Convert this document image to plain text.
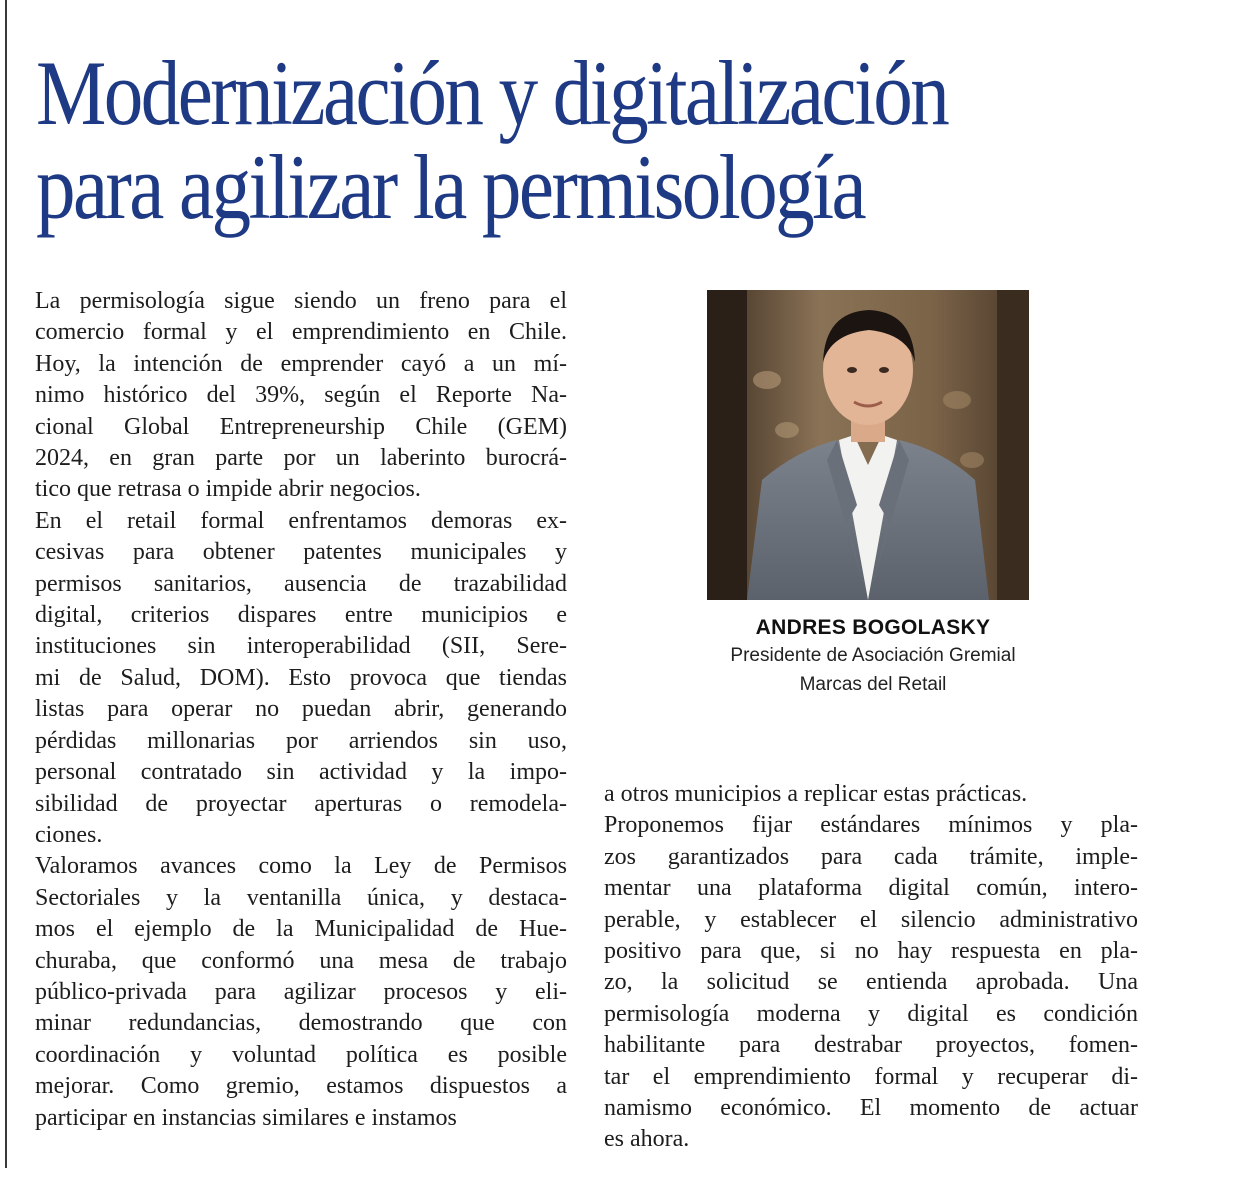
Modernización y digitalización
para agilizar la permisología
La permisología sigue siendo un freno para el
comercio formal y el emprendimiento en Chile.
Hoy, la intención de emprender cayó a un mí-
nimo histórico del 39%, según el Reporte Na-
cional Global Entrepreneurship Chile (GEM)
2024, en gran parte por un laberinto burocrá-
tico que retrasa o impide abrir negocios.
En el retail formal enfrentamos demoras ex-
cesivas para obtener patentes municipales y
permisos sanitarios, ausencia de trazabilidad
digital, criterios dispares entre municipios e
instituciones sin interoperabilidad (SII, Sere-
mi de Salud, DOM). Esto provoca que tiendas
listas para operar no puedan abrir, generando
pérdidas millonarias por arriendos sin uso,
personal contratado sin actividad y la impo-
sibilidad de proyectar aperturas o remodela-
ciones.
Valoramos avances como la Ley de Permisos
Sectoriales y la ventanilla única, y destaca-
mos el ejemplo de la Municipalidad de Hue-
churaba, que conformó una mesa de trabajo
público-privada para agilizar procesos y eli-
minar redundancias, demostrando que con
coordinación y voluntad política es posible
mejorar. Como gremio, estamos dispuestos a
participar en instancias similares e instamos
ANDRES BOGOLASKY
Presidente de Asociación Gremial
Marcas del Retail
a otros municipios a replicar estas prácticas.
Proponemos fijar estándares mínimos y pla-
zos garantizados para cada trámite, imple-
mentar una plataforma digital común, intero-
perable, y establecer el silencio administrativo
positivo para que, si no hay respuesta en pla-
zo, la solicitud se entienda aprobada. Una
permisología moderna y digital es condición
habilitante para destrabar proyectos, fomen-
tar el emprendimiento formal y recuperar di-
namismo económico. El momento de actuar
es ahora.
